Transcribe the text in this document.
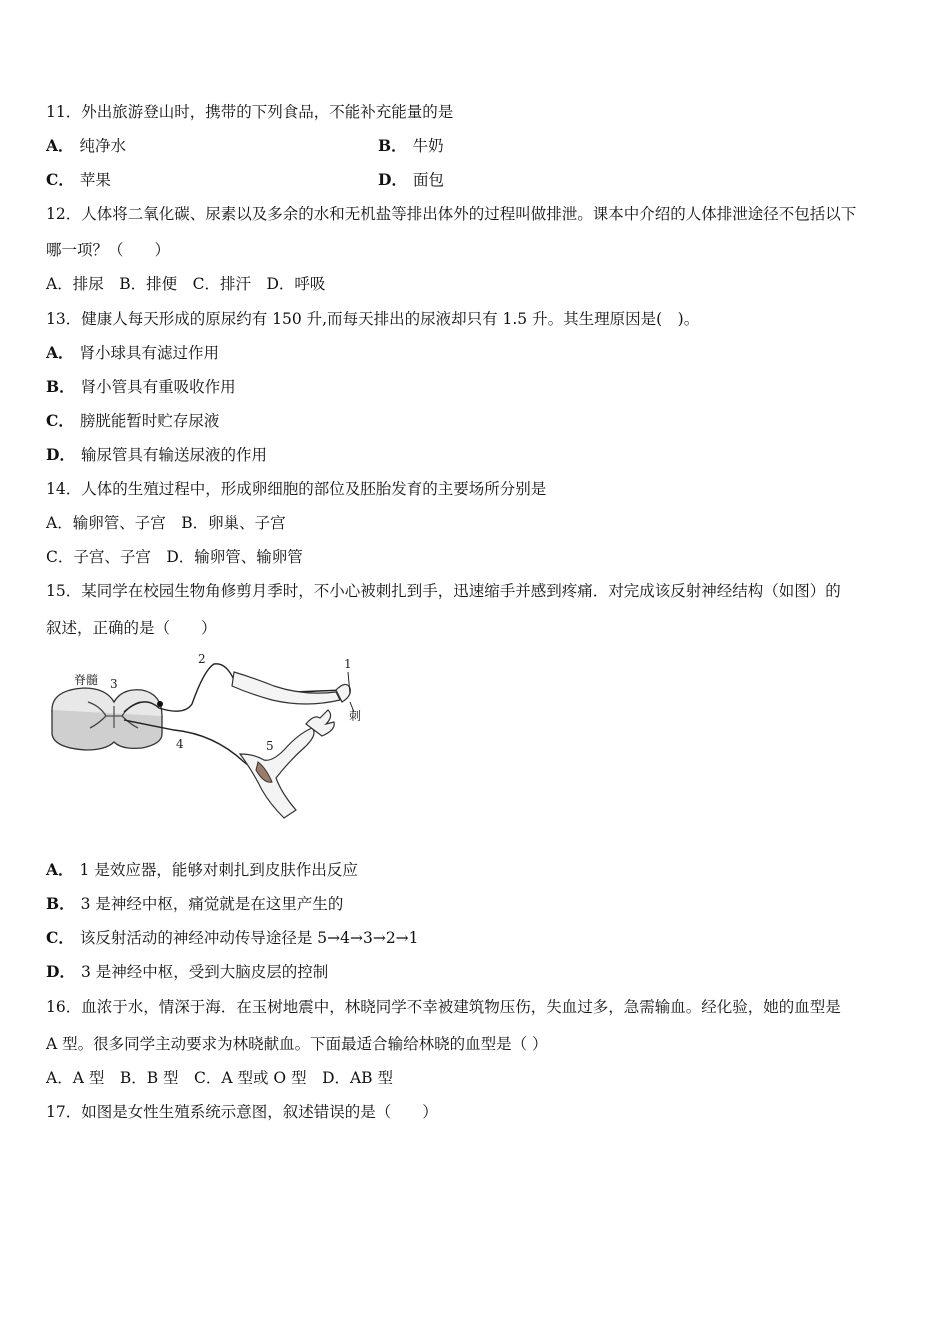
11．外出旅游登山时，携带的下列食品，不能补充能量的是
A． 纯净水	B． 牛奶
C． 苹果	D． 面包
12．人体将二氧化碳、尿素以及多余的水和无机盐等排出体外的过程叫做排泄。课本中介绍的人体排泄途径不包括以下
哪一项？（　　）
A．排尿　B．排便　C．排汗　D．呼吸
13．健康人每天形成的原尿约有 150 升,而每天排出的尿液却只有 1.5 升。其生理原因是(　)。
A． 肾小球具有滤过作用
B． 肾小管具有重吸收作用
C． 膀胱能暂时贮存尿液
D． 输尿管具有输送尿液的作用
14．人体的生殖过程中，形成卵细胞的部位及胚胎发育的主要场所分别是
A．输卵管、子宫　B．卵巢、子宫
C．子宫、子宫　D．输卵管、输卵管
15．某同学在校园生物角修剪月季时，不小心被刺扎到手，迅速缩手并感到疼痛．对完成该反射神经结构（如图）的
叙述，正确的是（　　）
脊髓 3
2
4
1
刺
5
A． 1 是效应器，能够对刺扎到皮肤作出反应
B． 3 是神经中枢，痛觉就是在这里产生的
C． 该反射活动的神经冲动传导途径是 5→4→3→2→1
D． 3 是神经中枢，受到大脑皮层的控制
16．血浓于水，情深于海．在玉树地震中，林晓同学不幸被建筑物压伤，失血过多，急需输血。经化验，她的血型是
A 型。很多同学主动要求为林晓献血。下面最适合输给林晓的血型是（ ）
A．A 型　B．B 型　C．A 型或 O 型　D．AB 型
17．如图是女性生殖系统示意图，叙述错误的是（　　）
